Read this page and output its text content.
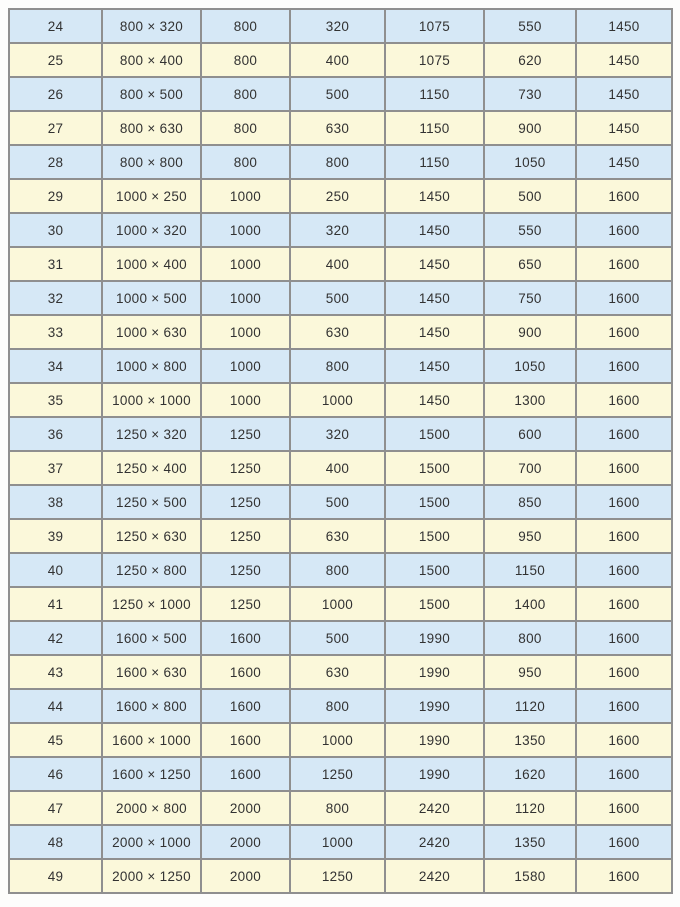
24	800 × 320	800	320	1075	550	1450
25	800 × 400	800	400	1075	620	1450
26	800 × 500	800	500	1150	730	1450
27	800 × 630	800	630	1150	900	1450
28	800 × 800	800	800	1150	1050	1450
29	1000 × 250	1000	250	1450	500	1600
30	1000 × 320	1000	320	1450	550	1600
31	1000 × 400	1000	400	1450	650	1600
32	1000 × 500	1000	500	1450	750	1600
33	1000 × 630	1000	630	1450	900	1600
34	1000 × 800	1000	800	1450	1050	1600
35	1000 × 1000	1000	1000	1450	1300	1600
36	1250 × 320	1250	320	1500	600	1600
37	1250 × 400	1250	400	1500	700	1600
38	1250 × 500	1250	500	1500	850	1600
39	1250 × 630	1250	630	1500	950	1600
40	1250 × 800	1250	800	1500	1150	1600
41	1250 × 1000	1250	1000	1500	1400	1600
42	1600 × 500	1600	500	1990	800	1600
43	1600 × 630	1600	630	1990	950	1600
44	1600 × 800	1600	800	1990	1120	1600
45	1600 × 1000	1600	1000	1990	1350	1600
46	1600 × 1250	1600	1250	1990	1620	1600
47	2000 × 800	2000	800	2420	1120	1600
48	2000 × 1000	2000	1000	2420	1350	1600
49	2000 × 1250	2000	1250	2420	1580	1600
